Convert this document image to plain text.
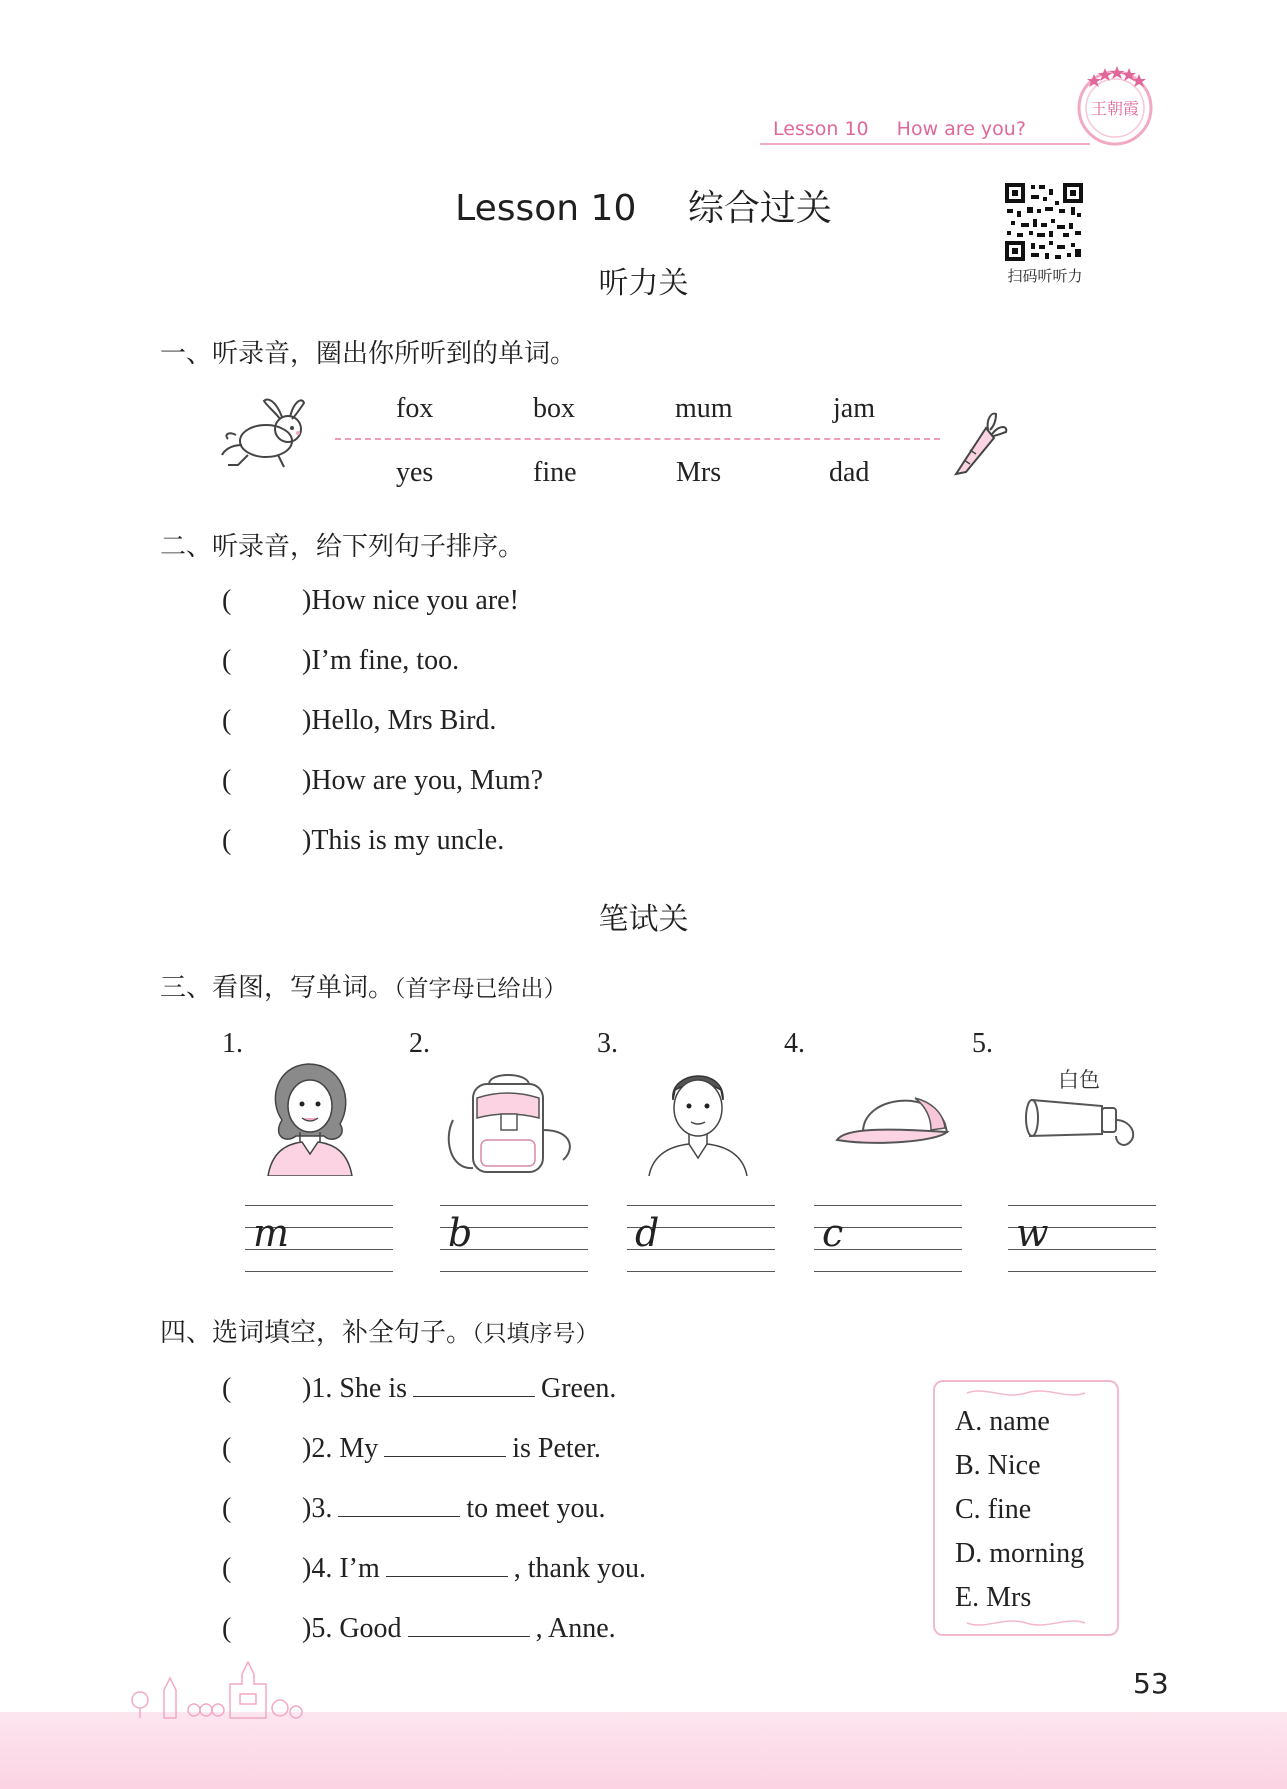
王朝霞
Lesson 10 How are you?
Lesson 10 综合过关
扫码听听力
听力关
一、听录音，圈出你所听到的单词。
fox	box	mum	jam
yes	fine	Mrs	dad
二、听录音，给下列句子排序。
(	)How nice you are!
(	)I’m fine, too.
(	)Hello, Mrs Bird.
(	)How are you, Mum?
(	)This is my uncle.
笔试关
三、看图，写单词。（首字母已给出）
1.	2.	3.	4.	5.
白色
m	b	d	c	w
四、选词填空，补全句子。（只填序号）
(	)1. She is	Green.
(	)2. My	is Peter.
(	)3.	to meet you.
(	)4. I’m	, thank you.
(	)5. Good	, Anne.
A. name
B. Nice
C. fine
D. morning
E. Mrs
53
